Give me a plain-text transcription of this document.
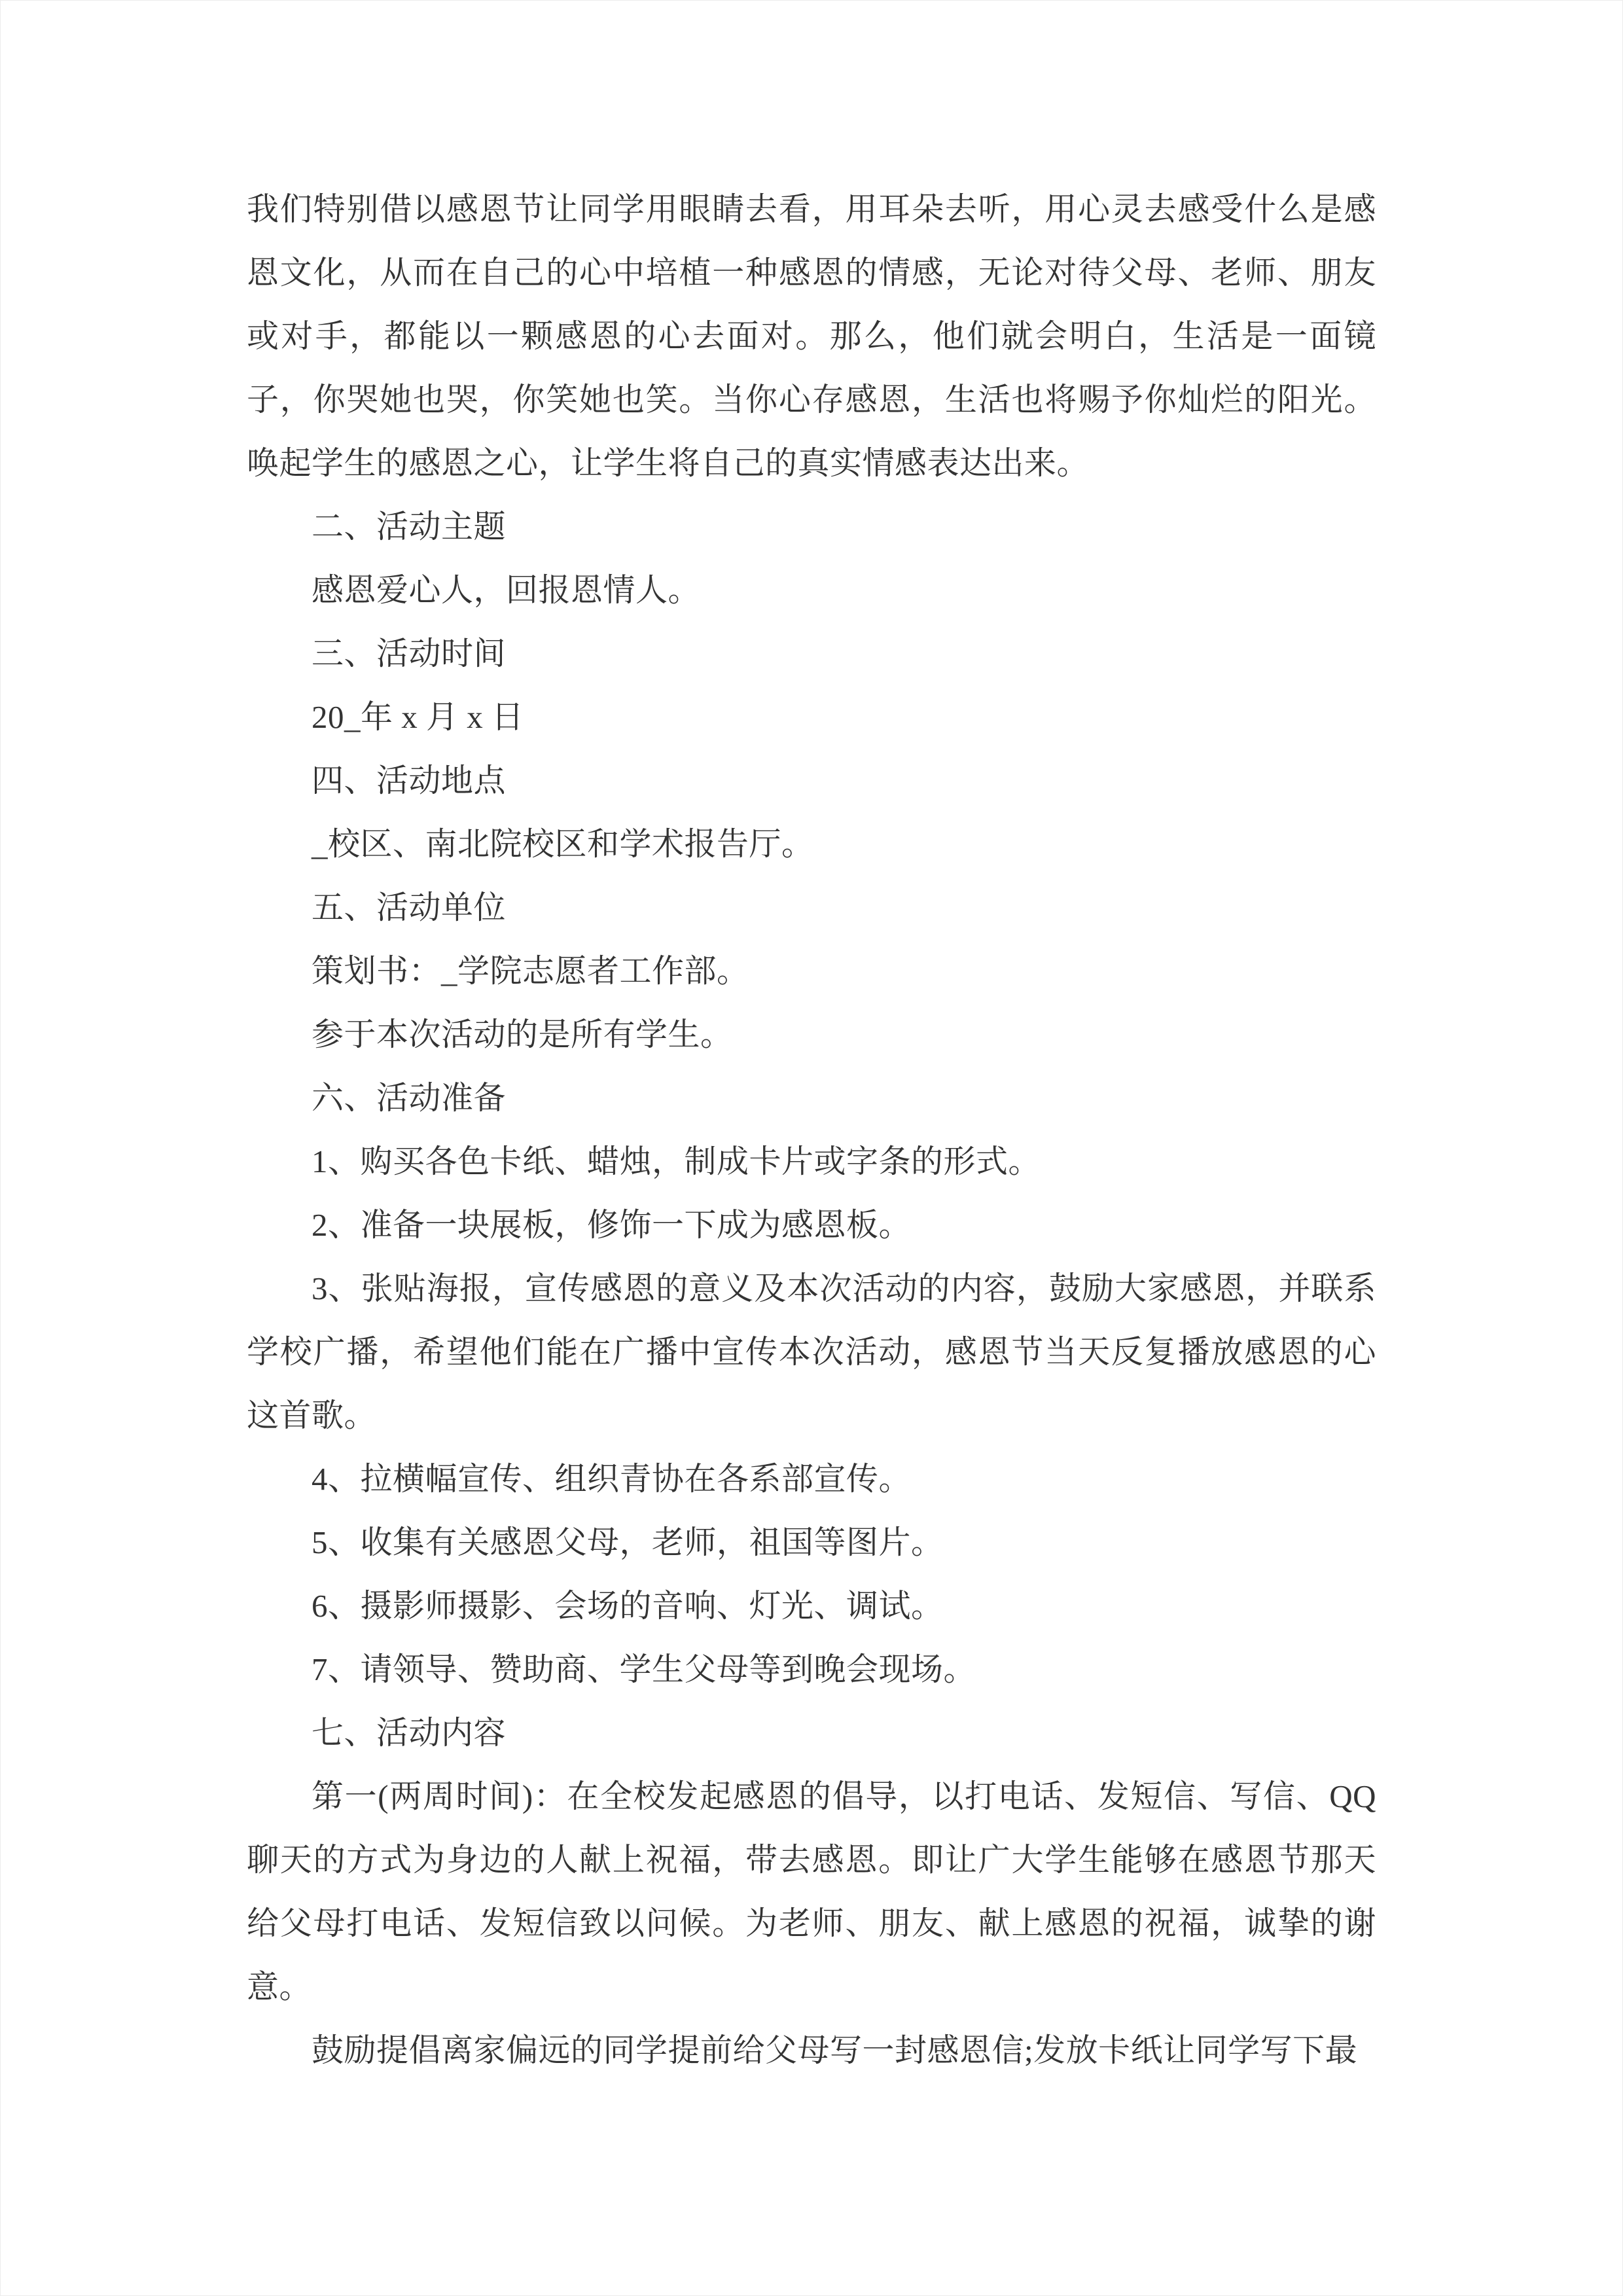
我们特别借以感恩节让同学用眼睛去看，用耳朵去听，用心灵去感受什么是感恩文化，从而在自己的心中培植一种感恩的情感，无论对待父母、老师、朋友或对手，都能以一颗感恩的心去面对。那么，他们就会明白，生活是一面镜子，你哭她也哭，你笑她也笑。当你心存感恩，生活也将赐予你灿烂的阳光。唤起学生的感恩之心，让学生将自己的真实情感表达出来。

二、活动主题

感恩爱心人，回报恩情人。

三、活动时间

20_年 x 月 x 日

四、活动地点

_校区、南北院校区和学术报告厅。

五、活动单位

策划书：_学院志愿者工作部。

参于本次活动的是所有学生。

六、活动准备

1、购买各色卡纸、蜡烛，制成卡片或字条的形式。

2、准备一块展板，修饰一下成为感恩板。

3、张贴海报，宣传感恩的意义及本次活动的内容，鼓励大家感恩，并联系学校广播，希望他们能在广播中宣传本次活动，感恩节当天反复播放感恩的心这首歌。

4、拉横幅宣传、组织青协在各系部宣传。

5、收集有关感恩父母，老师，祖国等图片。

6、摄影师摄影、会场的音响、灯光、调试。

7、请领导、赞助商、学生父母等到晚会现场。

七、活动内容

第一(两周时间)：在全校发起感恩的倡导，以打电话、发短信、写信、QQ聊天的方式为身边的人献上祝福，带去感恩。即让广大学生能够在感恩节那天给父母打电话、发短信致以问候。为老师、朋友、献上感恩的祝福，诚挚的谢意。

鼓励提倡离家偏远的同学提前给父母写一封感恩信;发放卡纸让同学写下最
